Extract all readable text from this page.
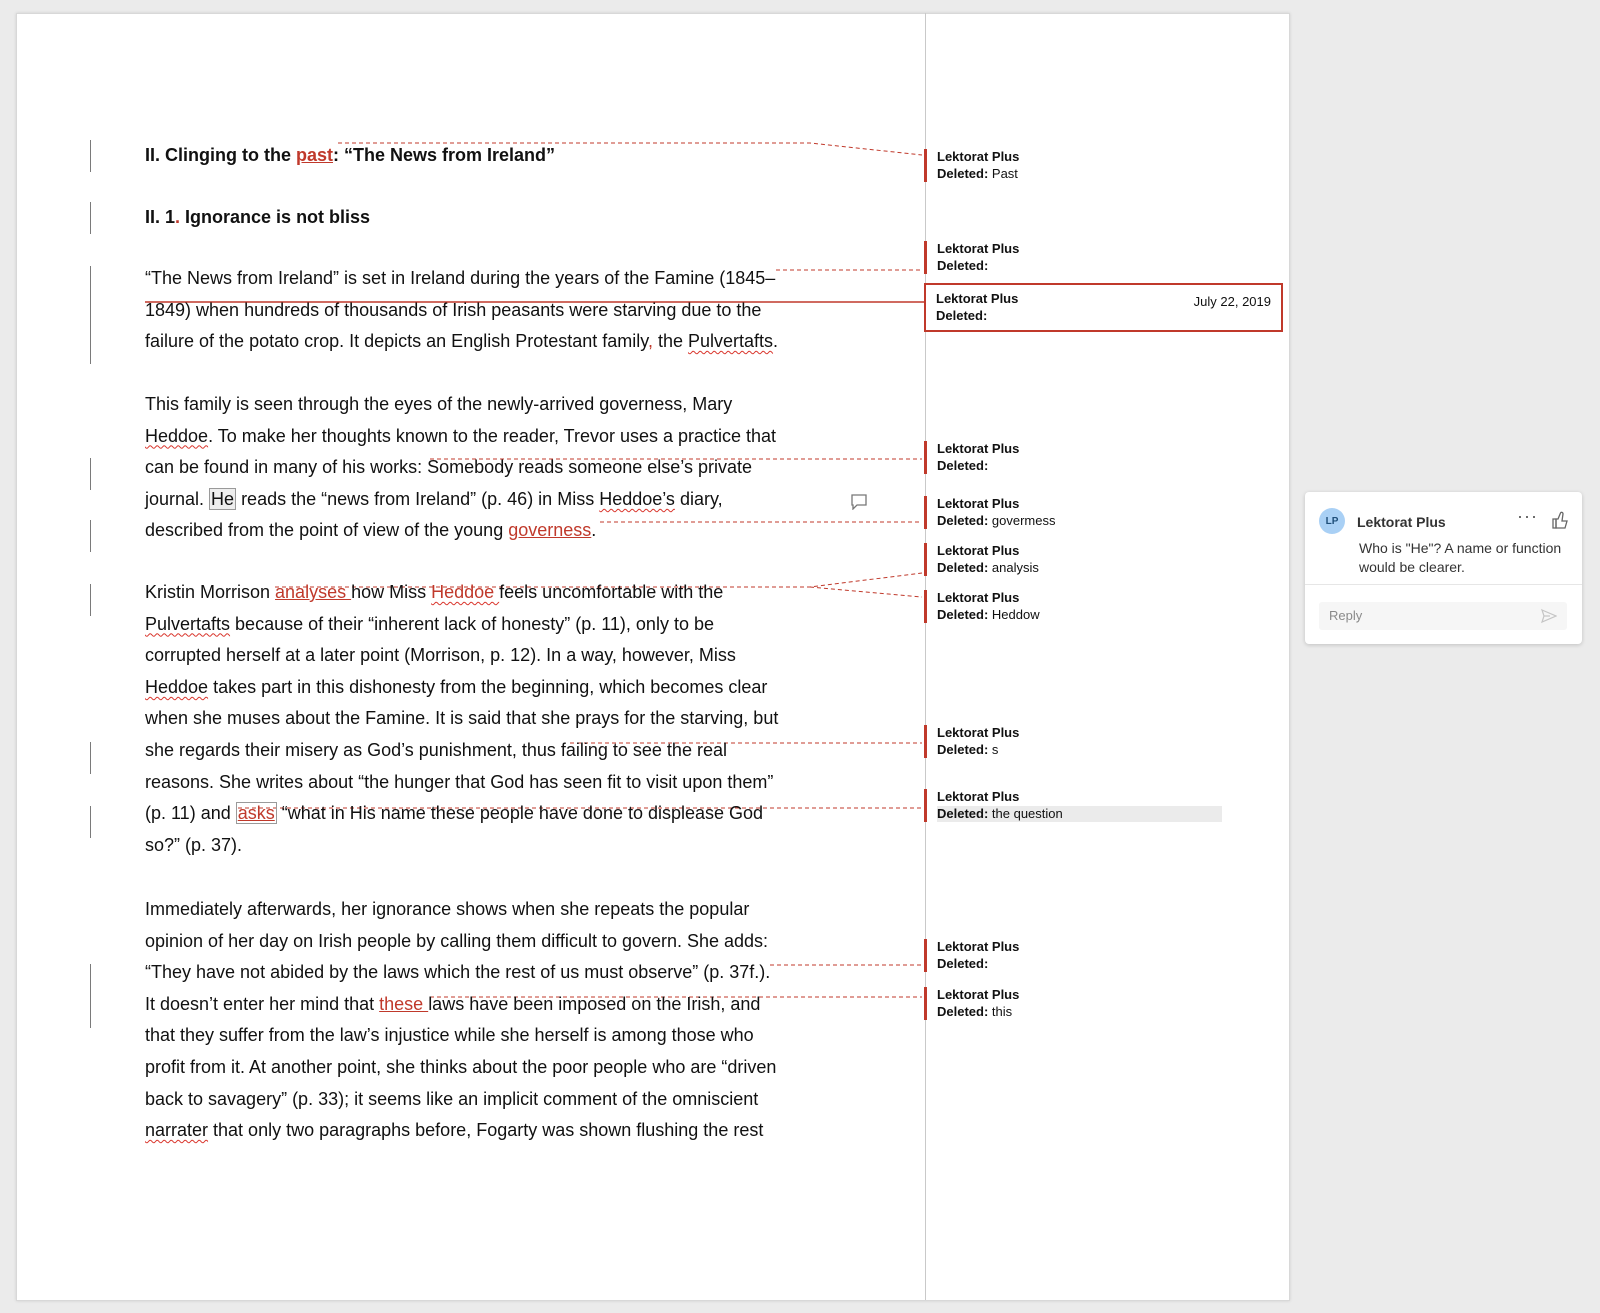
II. Clinging to the past: “The News from Ireland”
II. 1. Ignorance is not bliss
“The News from Ireland” is set in Ireland during the years of the Famine (1845–
1849) when hundreds of thousands of Irish peasants were starving due to the
failure of the potato crop. It depicts an English Protestant family, the Pulvertafts.
This family is seen through the eyes of the newly-arrived governess, Mary
Heddoe. To make her thoughts known to the reader, Trevor uses a practice that
can be found in many of his works: Somebody reads someone else’s private
journal. He reads the “news from Ireland” (p. 46) in Miss Heddoe’s diary,
described from the point of view of the young governess.
Kristin Morrison analyses how Miss Heddoe feels uncomfortable with the
Pulvertafts because of their “inherent lack of honesty” (p. 11), only to be
corrupted herself at a later point (Morrison, p. 12). In a way, however, Miss
Heddoe takes part in this dishonesty from the beginning, which becomes clear
when she muses about the Famine. It is said that she prays for the starving, but
she regards their misery as God’s punishment, thus failing to see the real
reasons. She writes about “the hunger that God has seen fit to visit upon them”
(p. 11) and asks “what in His name these people have done to displease God
so?” (p. 37).
Immediately afterwards, her ignorance shows when she repeats the popular
opinion of her day on Irish people by calling them difficult to govern. She adds:
“They have not abided by the laws which the rest of us must observe” (p. 37f.).
It doesn’t enter her mind that these laws have been imposed on the Irish, and
that they suffer from the law’s injustice while she herself is among those who
profit from it. At another point, she thinks about the poor people who are “driven
back to savagery” (p. 33); it seems like an implicit comment of the omniscient
narrater that only two paragraphs before, Fogarty was shown flushing the rest
Lektorat Plus
Deleted: Past
Lektorat Plus
Deleted:
Lektorat Plus
Deleted:
July 22, 2019
Lektorat Plus
Deleted:
Lektorat Plus
Deleted: govermess
Lektorat Plus
Deleted: analysis
Lektorat Plus
Deleted: Heddow
Lektorat Plus
Deleted: s
Lektorat Plus
Deleted: the question
Lektorat Plus
Deleted:
Lektorat Plus
Deleted: this
LP	Lektorat Plus	···
Who is "He"? A name or function would be clearer.
Reply
